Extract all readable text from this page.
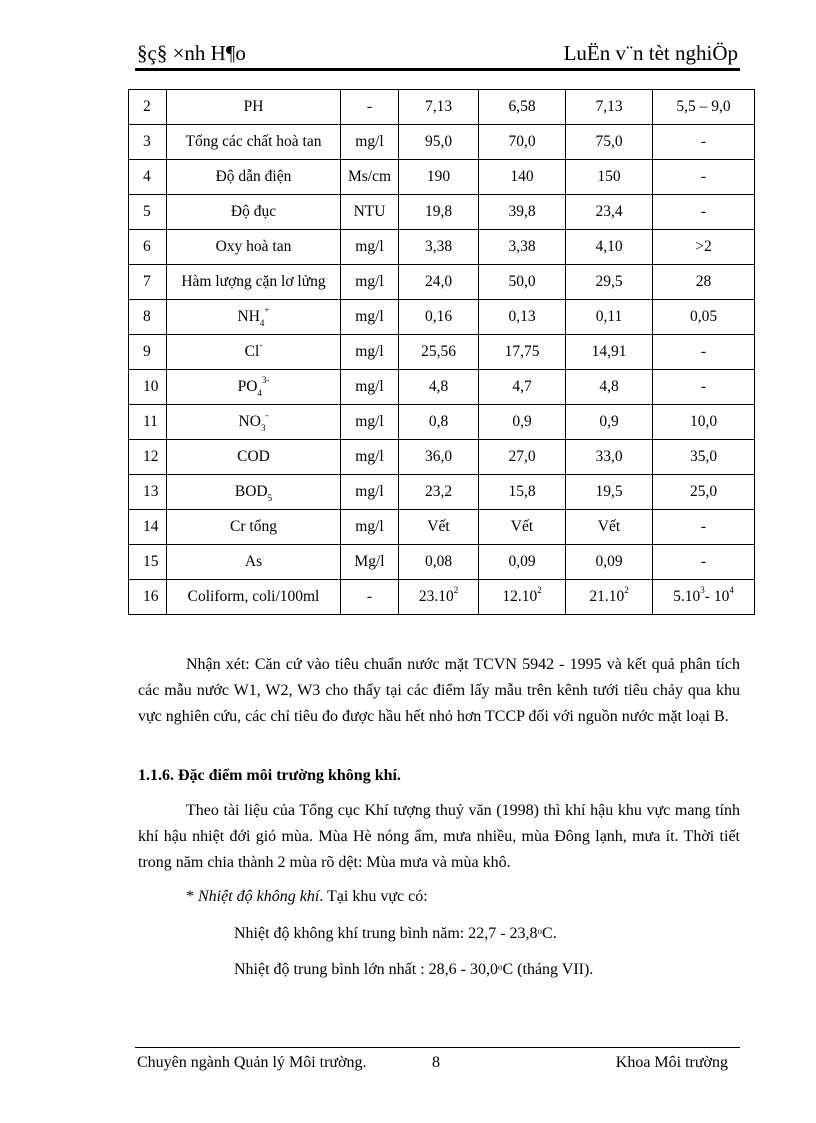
§ç§ ×nh H¶o	LuËn v¨n tèt nghiÖp
2	PH	-	7,13	6,58	7,13	5,5 – 9,0
3	Tổng các chất hoà tan	mg/l	95,0	70,0	75,0	-
4	Độ dẫn điện	Ms/cm	190	140	150	-
5	Độ đục	NTU	19,8	39,8	23,4	-
6	Oxy hoà tan	mg/l	3,38	3,38	4,10	>2
7	Hàm lượng cặn lơ lửng	mg/l	24,0	50,0	29,5	28
8	$NH_4^+$	mg/l	0,16	0,13	0,11	0,05
9	Cl-	mg/l	25,56	17,75	14,91	-
10	$PO_4^{3-}$	mg/l	4,8	4,7	4,8	-
11	$NO_3^-$	mg/l	0,8	0,9	0,9	10,0
12	COD	mg/l	36,0	27,0	33,0	35,0
13	$BOD_5$	mg/l	23,2	15,8	19,5	25,0
14	Cr tổng	mg/l	Vết	Vết	Vết	-
15	As	Mg/l	0,08	0,09	0,09	-
16	Coliform, coli/100ml	-	23.10$^2$	12.10$^2$	21.10$^2$	5.10$^3$- $10^4$
Nhận xét: Căn cứ vào tiêu chuẩn nước mặt TCVN 5942 - 1995 và kết quả phân tích các mẫu nước W1, W2, W3 cho thấy tại các điểm lấy mẫu trên kênh tưới tiêu chảy qua khu vực nghiên cứu, các chỉ tiêu đo được hầu hết nhỏ hơn TCCP đối với nguồn nước mặt loại B.
1.1.6. Đặc điểm môi trường không khí.
Theo tài liệu của Tổng cục Khí tượng thuỷ văn (1998) thì khí hậu khu vực mang tính khí hậu nhiệt đới gió mùa. Mùa Hè nóng ẩm, mưa nhiều, mùa Đông lạnh, mưa ít. Thời tiết trong năm chia thành 2 mùa rõ dệt: Mùa mưa và mùa khô.
* Nhiệt độ không khí. Tại khu vực có:
Nhiệt độ không khí trung bình năm: 22,7 - 23,8$^o$C.
Nhiệt độ trung bình lớn nhất : 28,6 - 30,0$^o$C (tháng VII).
Chuyên ngành Quản lý Môi trường.	8	Khoa Môi trường
